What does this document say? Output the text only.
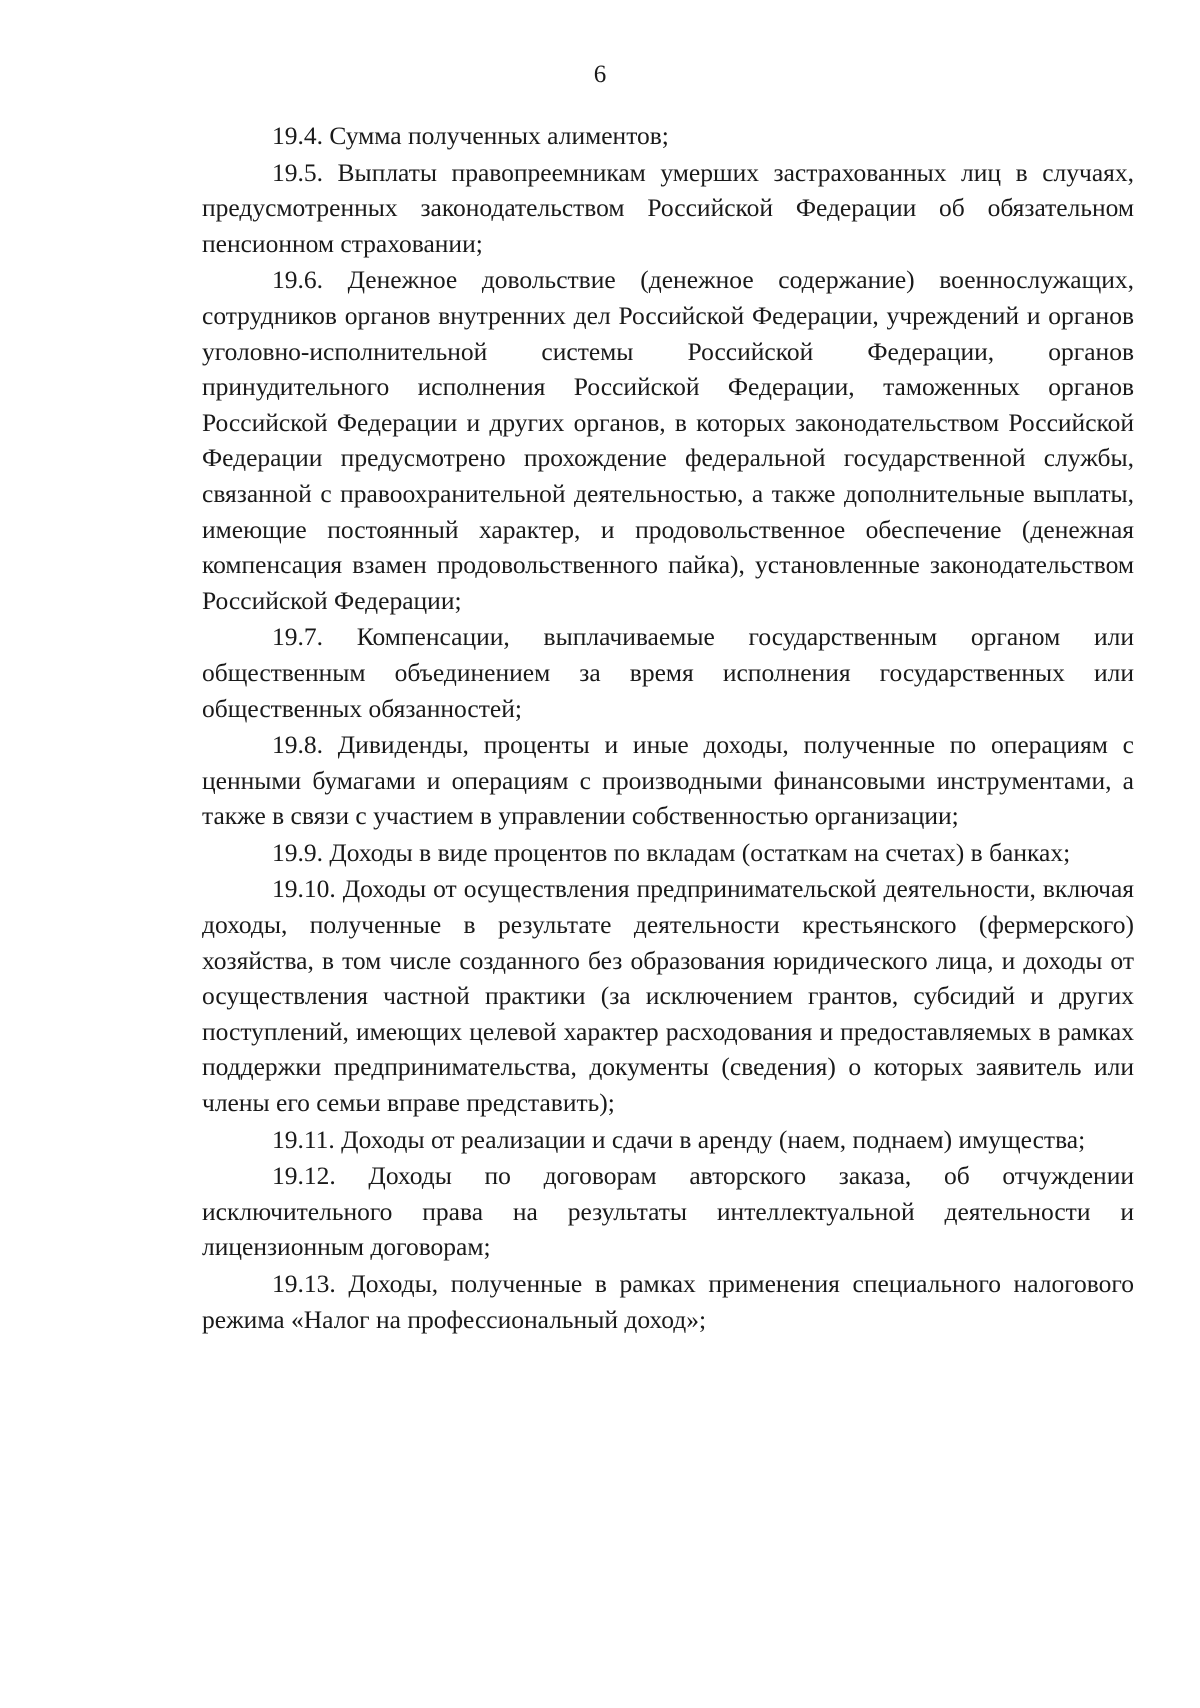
6

19.4. Сумма полученных алиментов;

19.5. Выплаты правопреемникам умерших застрахованных лиц в случаях, предусмотренных законодательством Российской Федерации об обязательном пенсионном страховании;

19.6. Денежное довольствие (денежное содержание) военнослужащих, сотрудников органов внутренних дел Российской Федерации, учреждений и органов уголовно-исполнительной системы Российской Федерации, органов принудительного исполнения Российской Федерации, таможенных органов Российской Федерации и других органов, в которых законодательством Российской Федерации предусмотрено прохождение федеральной государственной службы, связанной с правоохранительной деятельностью, а также дополнительные выплаты, имеющие постоянный характер, и продовольственное обеспечение (денежная компенсация взамен продовольственного пайка), установленные законодательством Российской Федерации;

19.7. Компенсации, выплачиваемые государственным органом или общественным объединением за время исполнения государственных или общественных обязанностей;

19.8. Дивиденды, проценты и иные доходы, полученные по операциям с ценными бумагами и операциям с производными финансовыми инструментами, а также в связи с участием в управлении собственностью организации;

19.9. Доходы в виде процентов по вкладам (остаткам на счетах) в банках;

19.10. Доходы от осуществления предпринимательской деятельности, включая доходы, полученные в результате деятельности крестьянского (фермерского) хозяйства, в том числе созданного без образования юридического лица, и доходы от осуществления частной практики (за исключением грантов, субсидий и других поступлений, имеющих целевой характер расходования и предоставляемых в рамках поддержки предпринимательства, документы (сведения) о которых заявитель или члены его семьи вправе представить);

19.11. Доходы от реализации и сдачи в аренду (наем, поднаем) имущества;

19.12. Доходы по договорам авторского заказа, об отчуждении исключительного права на результаты интеллектуальной деятельности и лицензионным договорам;

19.13. Доходы, полученные в рамках применения специального налогового режима «Налог на профессиональный доход»;
